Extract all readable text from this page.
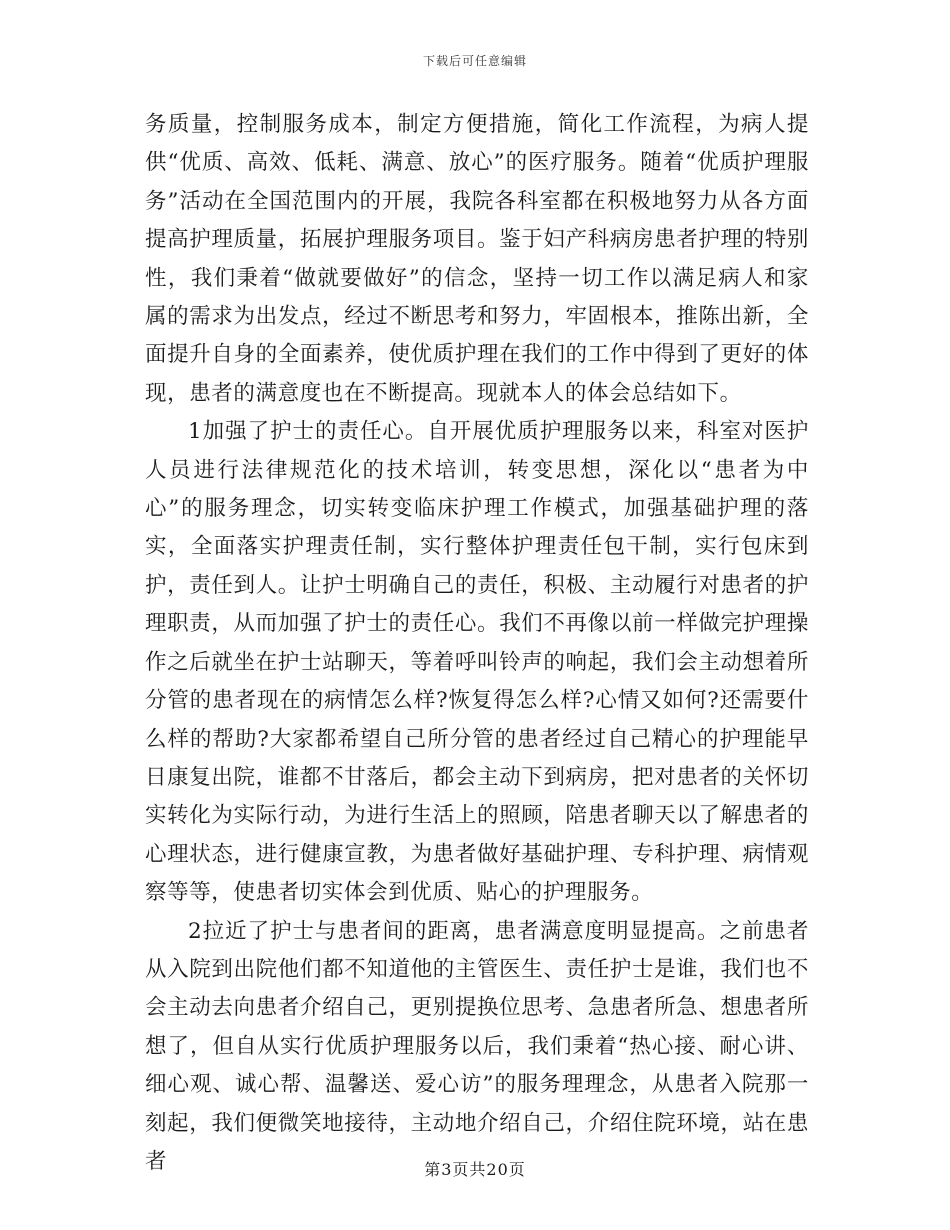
下载后可任意编辑

务质量，控制服务成本，制定方便措施，简化工作流程，为病人提供“优质、高效、低耗、满意、放心”的医疗服务。随着“优质护理服务”活动在全国范围内的开展，我院各科室都在积极地努力从各方面提高护理质量，拓展护理服务项目。鉴于妇产科病房患者护理的特别性，我们秉着“做就要做好”的信念，坚持一切工作以满足病人和家属的需求为出发点，经过不断思考和努力，牢固根本，推陈出新，全面提升自身的全面素养，使优质护理在我们的工作中得到了更好的体现，患者的满意度也在不断提高。现就本人的体会总结如下。

1加强了护士的责任心。自开展优质护理服务以来，科室对医护人员进行法律规范化的技术培训，转变思想，深化以“患者为中心”的服务理念，切实转变临床护理工作模式，加强基础护理的落实，全面落实护理责任制，实行整体护理责任包干制，实行包床到护，责任到人。让护士明确自己的责任，积极、主动履行对患者的护理职责，从而加强了护士的责任心。我们不再像以前一样做完护理操作之后就坐在护士站聊天，等着呼叫铃声的响起，我们会主动想着所分管的患者现在的病情怎么样?恢复得怎么样?心情又如何?还需要什么样的帮助?大家都希望自己所分管的患者经过自己精心的护理能早日康复出院，谁都不甘落后，都会主动下到病房，把对患者的关怀切实转化为实际行动，为进行生活上的照顾，陪患者聊天以了解患者的心理状态，进行健康宣教，为患者做好基础护理、专科护理、病情观察等等，使患者切实体会到优质、贴心的护理服务。

2拉近了护士与患者间的距离，患者满意度明显提高。之前患者从入院到出院他们都不知道他的主管医生、责任护士是谁，我们也不会主动去向患者介绍自己，更别提换位思考、急患者所急、想患者所想了，但自从实行优质护理服务以后，我们秉着“热心接、耐心讲、细心观、诚心帮、温馨送、爱心访”的服务理理念，从患者入院那一刻起，我们便微笑地接待，主动地介绍自己，介绍住院环境，站在患者	第3页共20页
